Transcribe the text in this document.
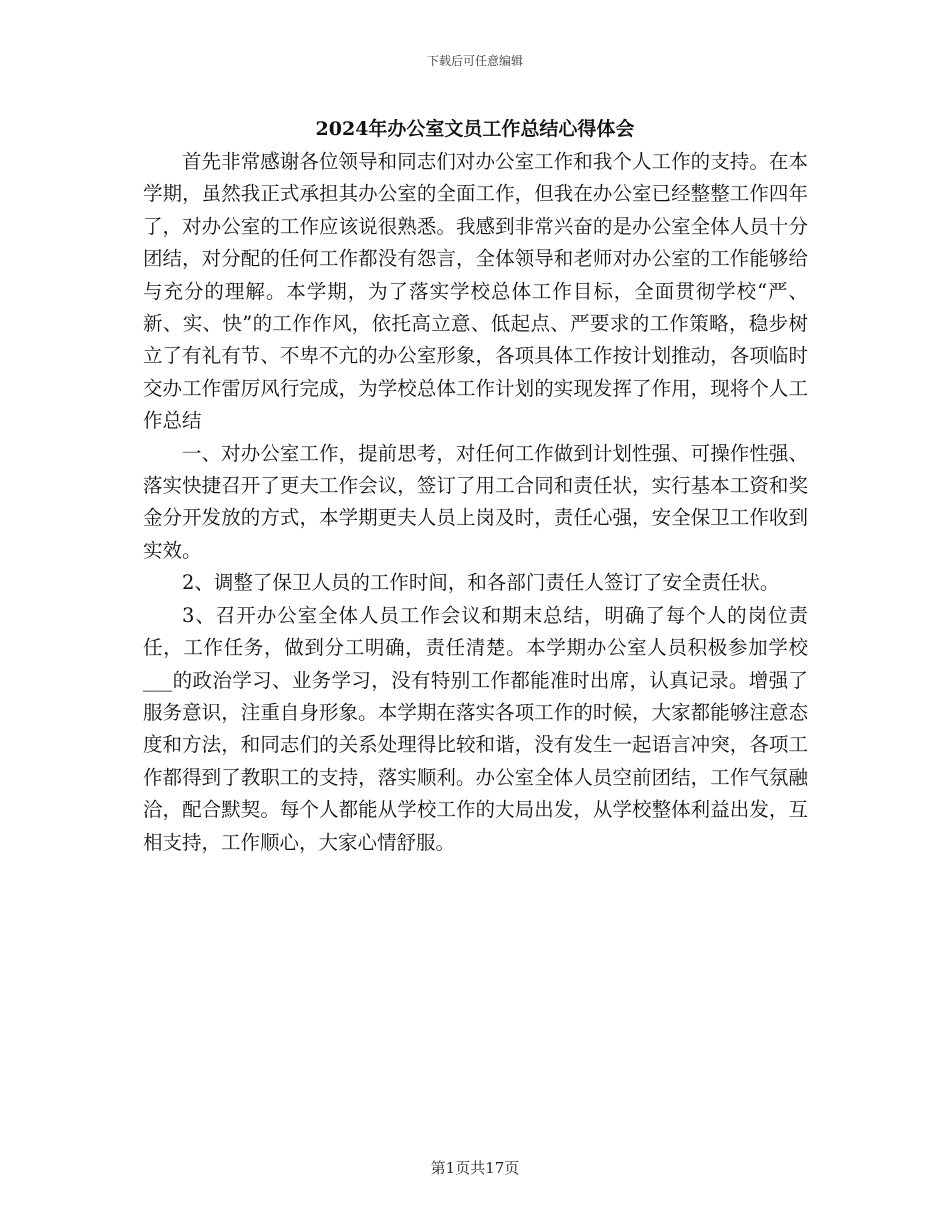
下载后可任意编辑
2024年办公室文员工作总结心得体会

首先非常感谢各位领导和同志们对办公室工作和我个人工作的支持。在本学期，虽然我正式承担其办公室的全面工作，但我在办公室已经整整工作四年了，对办公室的工作应该说很熟悉。我感到非常兴奋的是办公室全体人员十分团结，对分配的任何工作都没有怨言，全体领导和老师对办公室的工作能够给与充分的理解。本学期，为了落实学校总体工作目标，全面贯彻学校“严、新、实、快”的工作作风，依托高立意、低起点、严要求的工作策略，稳步树立了有礼有节、不卑不亢的办公室形象，各项具体工作按计划推动，各项临时交办工作雷厉风行完成，为学校总体工作计划的实现发挥了作用，现将个人工作总结

一、对办公室工作，提前思考，对任何工作做到计划性强、可操作性强、落实快捷召开了更夫工作会议，签订了用工合同和责任状，实行基本工资和奖金分开发放的方式，本学期更夫人员上岗及时，责任心强，安全保卫工作收到实效。

2、调整了保卫人员的工作时间，和各部门责任人签订了安全责任状。

3、召开办公室全体人员工作会议和期末总结，明确了每个人的岗位责任，工作任务，做到分工明确，责任清楚。本学期办公室人员积极参加学校___的政治学习、业务学习，没有特别工作都能准时出席，认真记录。增强了服务意识，注重自身形象。本学期在落实各项工作的时候，大家都能够注意态度和方法，和同志们的关系处理得比较和谐，没有发生一起语言冲突，各项工作都得到了教职工的支持，落实顺利。办公室全体人员空前团结，工作气氛融洽，配合默契。每个人都能从学校工作的大局出发，从学校整体利益出发，互相支持，工作顺心，大家心情舒服。

第1页共17页
